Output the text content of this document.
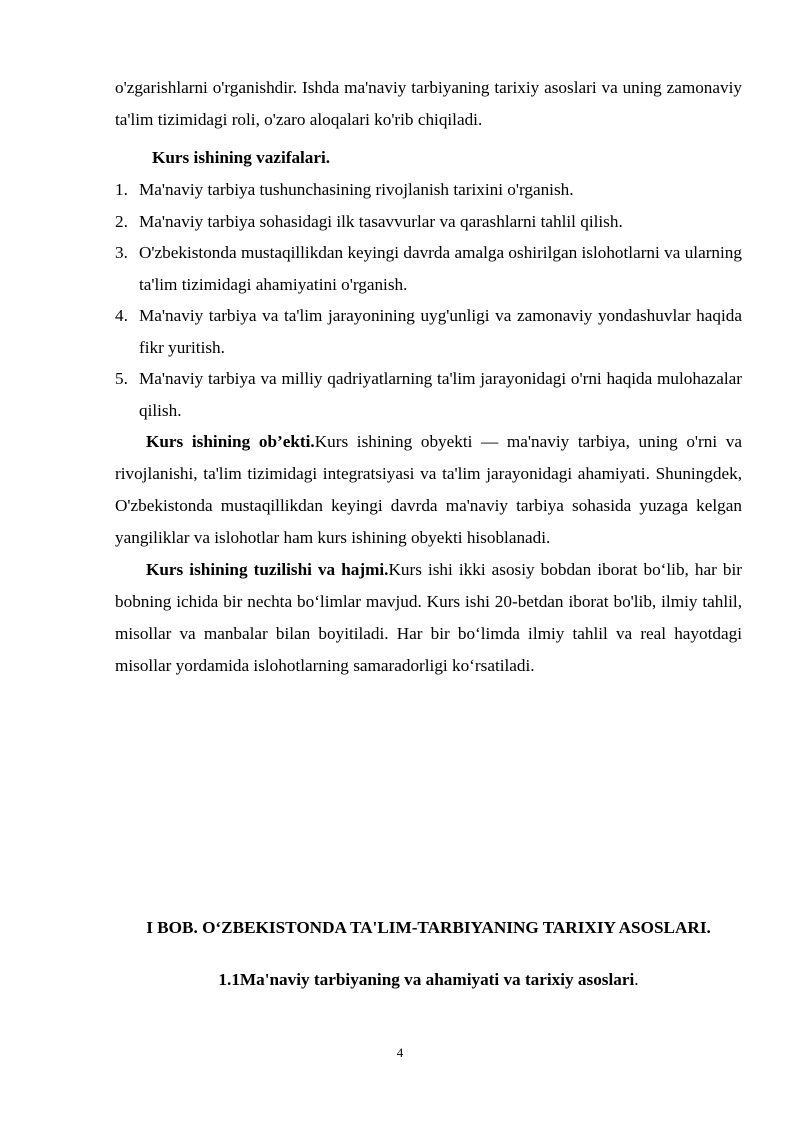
o'zgarishlarni o'rganishdir. Ishda ma'naviy tarbiyaning tarixiy asoslari va uning zamonaviy ta'lim tizimidagi roli, o'zaro aloqalari ko'rib chiqiladi.

Kurs ishining vazifalari.

1. Ma'naviy tarbiya tushunchasining rivojlanish tarixini o'rganish.
2. Ma'naviy tarbiya sohasidagi ilk tasavvurlar va qarashlarni tahlil qilish.
3. O'zbekistonda mustaqillikdan keyingi davrda amalga oshirilgan islohotlarni va ularning ta'lim tizimidagi ahamiyatini o'rganish.
4. Ma'naviy tarbiya va ta'lim jarayonining uyg'unligi va zamonaviy yondashuvlar haqida fikr yuritish.
5. Ma'naviy tarbiya va milliy qadriyatlarning ta'lim jarayonidagi o'rni haqida mulohazalar qilish.

Kurs ishining ob’ekti.Kurs ishining obyekti — ma'naviy tarbiya, uning o'rni va rivojlanishi, ta'lim tizimidagi integratsiyasi va ta'lim jarayonidagi ahamiyati. Shuningdek, O'zbekistonda mustaqillikdan keyingi davrda ma'naviy tarbiya sohasida yuzaga kelgan yangiliklar va islohotlar ham kurs ishining obyekti hisoblanadi.

Kurs ishining tuzilishi va hajmi.Kurs ishi ikki asosiy bobdan iborat bo‘lib, har bir bobning ichida bir nechta bo‘limlar mavjud. Kurs ishi 20-betdan iborat bo'lib, ilmiy tahlil, misollar va manbalar bilan boyitiladi. Har bir bo‘limda ilmiy tahlil va real hayotdagi misollar yordamida islohotlarning samaradorligi ko‘rsatiladi.

I BOB. O‘ZBEKISTONDA TA'LIM-TARBIYANING TARIXIY ASOSLARI.

1.1Ma'naviy tarbiyaning va ahamiyati va tarixiy asoslari.

4
